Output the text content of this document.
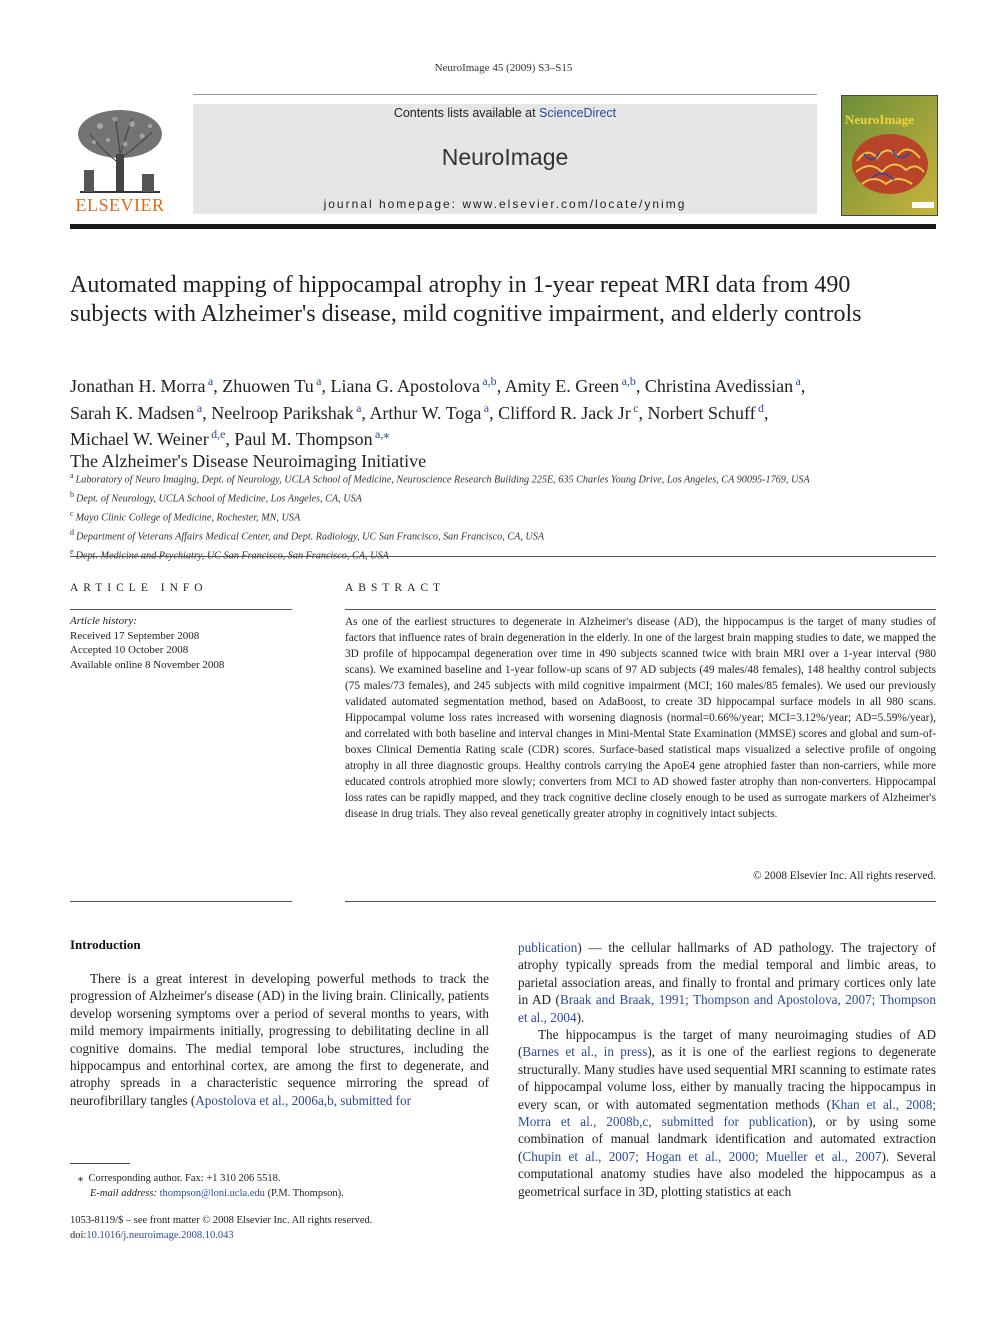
NeuroImage 45 (2009) S3–S15
ELSEVIER
Contents lists available at ScienceDirect
NeuroImage
journal homepage: www.elsevier.com/locate/ynimg
NeuroImage
Automated mapping of hippocampal atrophy in 1-year repeat MRI data from 490 subjects with Alzheimer's disease, mild cognitive impairment, and elderly controls
Jonathan H. Morra  $^a$, Zhuowen Tu  $^a$, Liana G. Apostolova  $^{a,b}$, Amity E. Green  $^{a,b}$, Christina Avedissian  $^a$,
Sarah K. Madsen  $^a$, Neelroop Parikshak  $^a$, Arthur W. Toga  $^a$, Clifford R. Jack Jr  $^c$, Norbert Schuff  $^d$,
Michael W. Weiner  $^{d,e}$, Paul M. Thompson  $^{a,⁎}$
The Alzheimer's Disease Neuroimaging Initiative
$^a$ Laboratory of Neuro Imaging, Dept. of Neurology, UCLA School of Medicine, Neuroscience Research Building 225E, 635 Charles Young Drive, Los Angeles, CA 90095-1769, USA
$^b$ Dept. of Neurology, UCLA School of Medicine, Los Angeles, CA, USA
$^c$ Mayo Clinic College of Medicine, Rochester, MN, USA
$^d$ Department of Veterans Affairs Medical Center, and Dept. Radiology, UC San Francisco, San Francisco, CA, USA
$^e$ Dept. Medicine and Psychiatry, UC San Francisco, San Francisco, CA, USA
ARTICLE INFO
Article history:
Received 17 September 2008
Accepted 10 October 2008
Available online 8 November 2008
ABSTRACT
As one of the earliest structures to degenerate in Alzheimer's disease (AD), the hippocampus is the target of many studies of factors that influence rates of brain degeneration in the elderly. In one of the largest brain mapping studies to date, we mapped the 3D profile of hippocampal degeneration over time in 490 subjects scanned twice with brain MRI over a 1-year interval (980 scans). We examined baseline and 1-year follow-up scans of 97 AD subjects (49 males/48 females), 148 healthy control subjects (75 males/73 females), and 245 subjects with mild cognitive impairment (MCI; 160 males/85 females). We used our previously validated automated segmentation method, based on AdaBoost, to create 3D hippocampal surface models in all 980 scans. Hippocampal volume loss rates increased with worsening diagnosis (normal=0.66%/year; MCI=3.12%/year; AD=5.59%/year), and correlated with both baseline and interval changes in Mini-Mental State Examination (MMSE) scores and global and sum-of-boxes Clinical Dementia Rating scale (CDR) scores. Surface-based statistical maps visualized a selective profile of ongoing atrophy in all three diagnostic groups. Healthy controls carrying the ApoE4 gene atrophied faster than non-carriers, while more educated controls atrophied more slowly; converters from MCI to AD showed faster atrophy than non-converters. Hippocampal loss rates can be rapidly mapped, and they track cognitive decline closely enough to be used as surrogate markers of Alzheimer's disease in drug trials. They also reveal genetically greater atrophy in cognitively intact subjects.
© 2008 Elsevier Inc. All rights reserved.
Introduction

There is a great interest in developing powerful methods to track the progression of Alzheimer's disease (AD) in the living brain. Clinically, patients develop worsening symptoms over a period of several months to years, with mild memory impairments initially, progressing to debilitating decline in all cognitive domains. The medial temporal lobe structures, including the hippocampus and entorhinal cortex, are among the first to degenerate, and atrophy spreads in a characteristic sequence mirroring the spread of neurofibrillary tangles (Apostolova et al., 2006a,b, submitted for

publication) — the cellular hallmarks of AD pathology. The trajectory of atrophy typically spreads from the medial temporal and limbic areas, to parietal association areas, and finally to frontal and primary cortices only late in AD (Braak and Braak, 1991; Thompson and Apostolova, 2007; Thompson et al., 2004).

The hippocampus is the target of many neuroimaging studies of AD (Barnes et al., in press), as it is one of the earliest regions to degenerate structurally. Many studies have used sequential MRI scanning to estimate rates of hippocampal volume loss, either by manually tracing the hippocampus in every scan, or with automated segmentation methods (Khan et al., 2008; Morra et al., 2008b,c, submitted for publication), or by using some combination of manual landmark identification and automated extraction (Chupin et al., 2007; Hogan et al., 2000; Mueller et al., 2007). Several computational anatomy studies have also modeled the hippocampus as a geometrical surface in 3D, plotting statistics at each

⁎ Corresponding author. Fax: +1 310 206 5518.
E-mail address: thompson@loni.ucla.edu (P.M. Thompson).
1053-8119/$ – see front matter © 2008 Elsevier Inc. All rights reserved.
doi:10.1016/j.neuroimage.2008.10.043
